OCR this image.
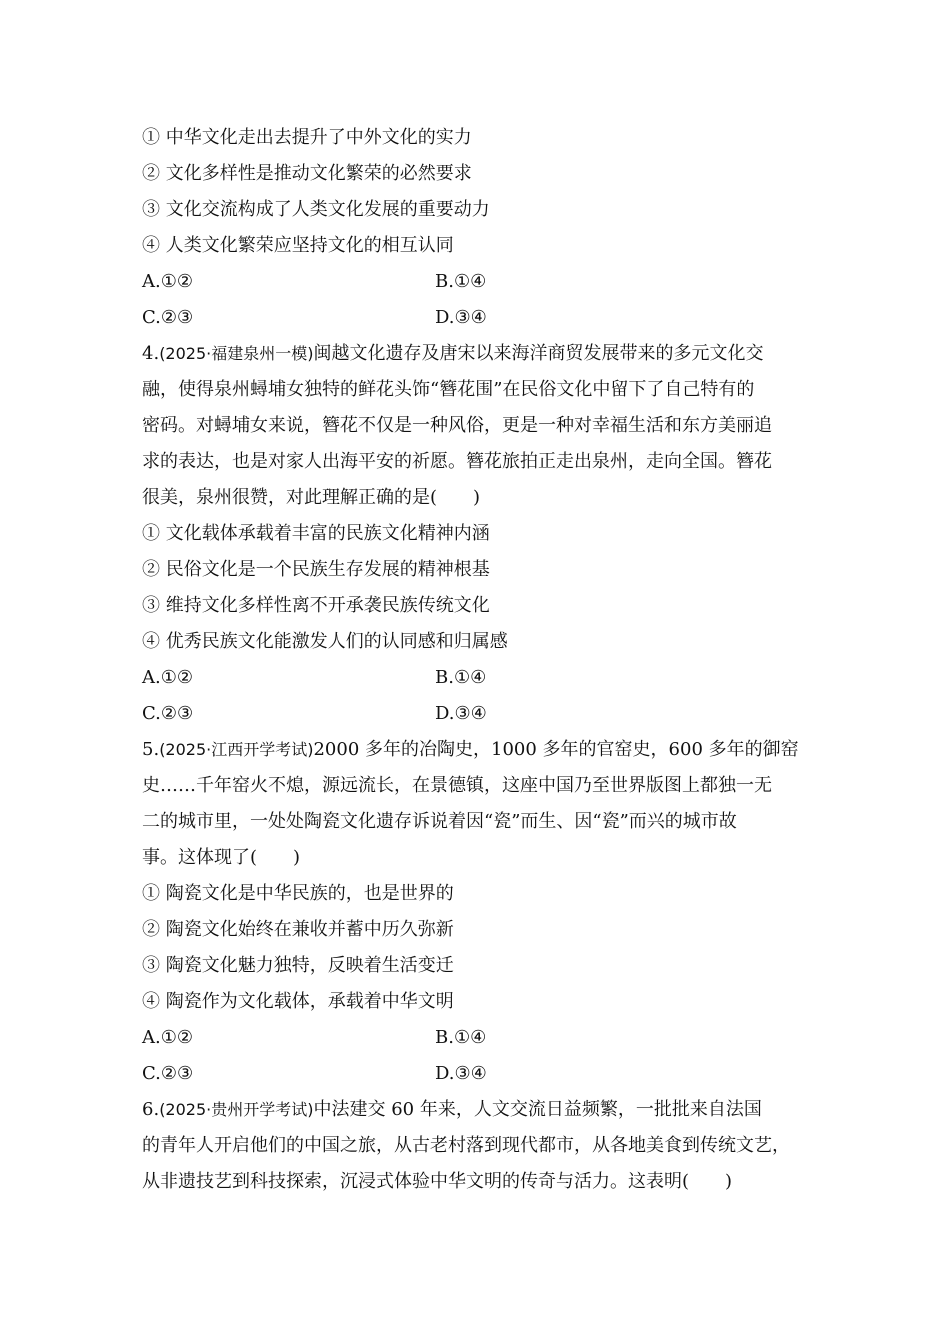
① 中华文化走出去提升了中外文化的实力
② 文化多样性是推动文化繁荣的必然要求
③ 文化交流构成了人类文化发展的重要动力
④ 人类文化繁荣应坚持文化的相互认同
A.①②	B.①④
C.②③	D.③④
4.(2025·福建泉州一模)闽越文化遗存及唐宋以来海洋商贸发展带来的多元文化交
融，使得泉州蟳埔女独特的鲜花头饰“簪花围”在民俗文化中留下了自己特有的
密码。对蟳埔女来说，簪花不仅是一种风俗，更是一种对幸福生活和东方美丽追
求的表达，也是对家人出海平安的祈愿。簪花旅拍正走出泉州，走向全国。簪花
很美，泉州很赞，对此理解正确的是(　　)
① 文化载体承载着丰富的民族文化精神内涵
② 民俗文化是一个民族生存发展的精神根基
③ 维持文化多样性离不开承袭民族传统文化
④ 优秀民族文化能激发人们的认同感和归属感
A.①②	B.①④
C.②③	D.③④
5.(2025·江西开学考试)2000 多年的冶陶史，1000 多年的官窑史，600 多年的御窑
史……千年窑火不熄，源远流长，在景德镇，这座中国乃至世界版图上都独一无
二的城市里，一处处陶瓷文化遗存诉说着因“瓷”而生、因“瓷”而兴的城市故
事。这体现了(　　)
① 陶瓷文化是中华民族的，也是世界的
② 陶瓷文化始终在兼收并蓄中历久弥新
③ 陶瓷文化魅力独特，反映着生活变迁
④ 陶瓷作为文化载体，承载着中华文明
A.①②	B.①④
C.②③	D.③④
6.(2025·贵州开学考试)中法建交 60 年来，人文交流日益频繁，一批批来自法国
的青年人开启他们的中国之旅，从古老村落到现代都市，从各地美食到传统文艺，
从非遗技艺到科技探索，沉浸式体验中华文明的传奇与活力。这表明(　　)
